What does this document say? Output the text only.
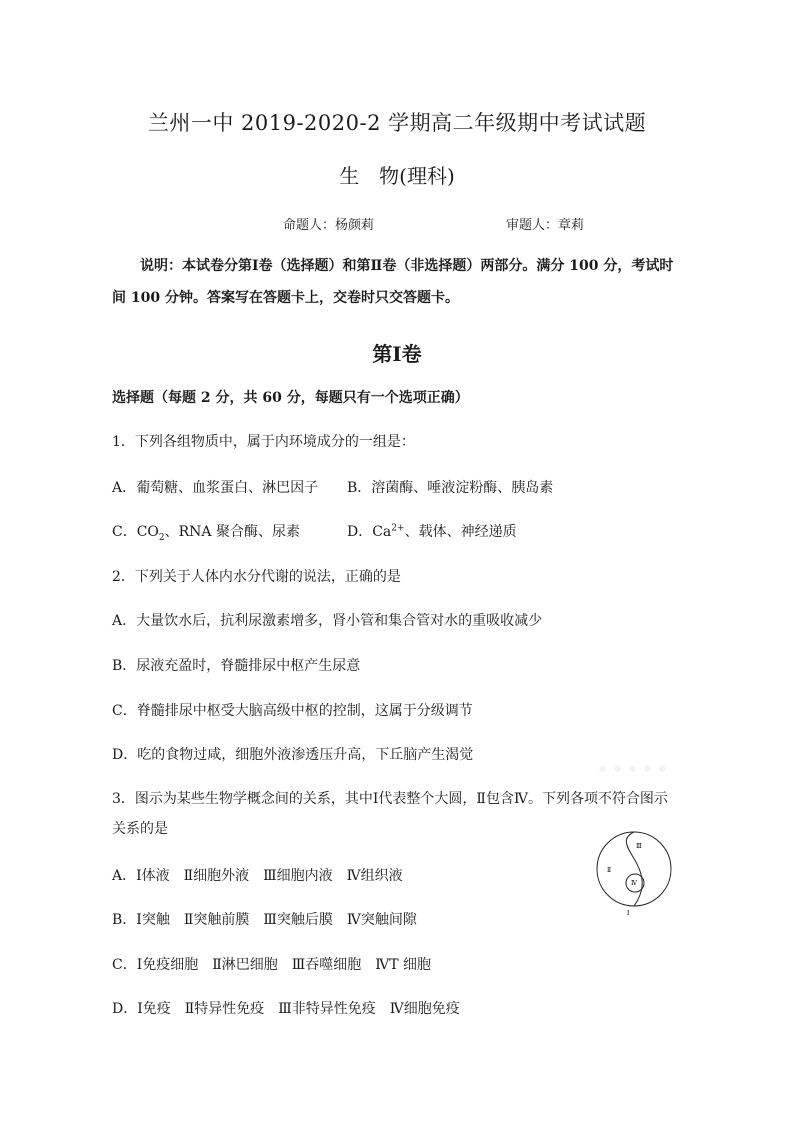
兰州一中 2019-2020-2 学期高二年级期中考试试题
生　物(理科)
命题人：杨颜莉	审题人：章莉
说明：本试卷分第Ⅰ卷（选择题）和第Ⅱ卷（非选择题）两部分。满分 100 分，考试时
间 100 分钟。答案写在答题卡上，交卷时只交答题卡。
第Ⅰ卷
选择题（每题 2 分，共 60 分，每题只有一个选项正确）
1．下列各组物质中，属于内环境成分的一组是：
A．葡萄糖、血浆蛋白、淋巴因子 B．溶菌酶、唾液淀粉酶、胰岛素
C．$CO_2$、RNA 聚合酶、尿素	D．$Ca^{2+}$、载体、神经递质
2．下列关于人体内水分代谢的说法，正确的是
A．大量饮水后，抗利尿激素增多，肾小管和集合管对水的重吸收减少
B．尿液充盈时，脊髓排尿中枢产生尿意
C．脊髓排尿中枢受大脑高级中枢的控制，这属于分级调节
D．吃的食物过咸，细胞外液渗透压升高，下丘脑产生渴觉
•••••
3．图示为某些生物学概念间的关系，其中Ⅰ代表整个大圆，Ⅱ包含Ⅳ。下列各项不符合图示
关系的是
A．Ⅰ体液　Ⅱ细胞外液　Ⅲ细胞内液　Ⅳ组织液
B．Ⅰ突触　Ⅱ突触前膜　Ⅲ突触后膜　Ⅳ突触间隙
C．Ⅰ免疫细胞　Ⅱ淋巴细胞　Ⅲ吞噬细胞　ⅣT 细胞
D．Ⅰ免疫　Ⅱ特异性免疫　Ⅲ非特异性免疫　Ⅳ细胞免疫
Ⅲ
Ⅱ
Ⅳ
Ⅰ
